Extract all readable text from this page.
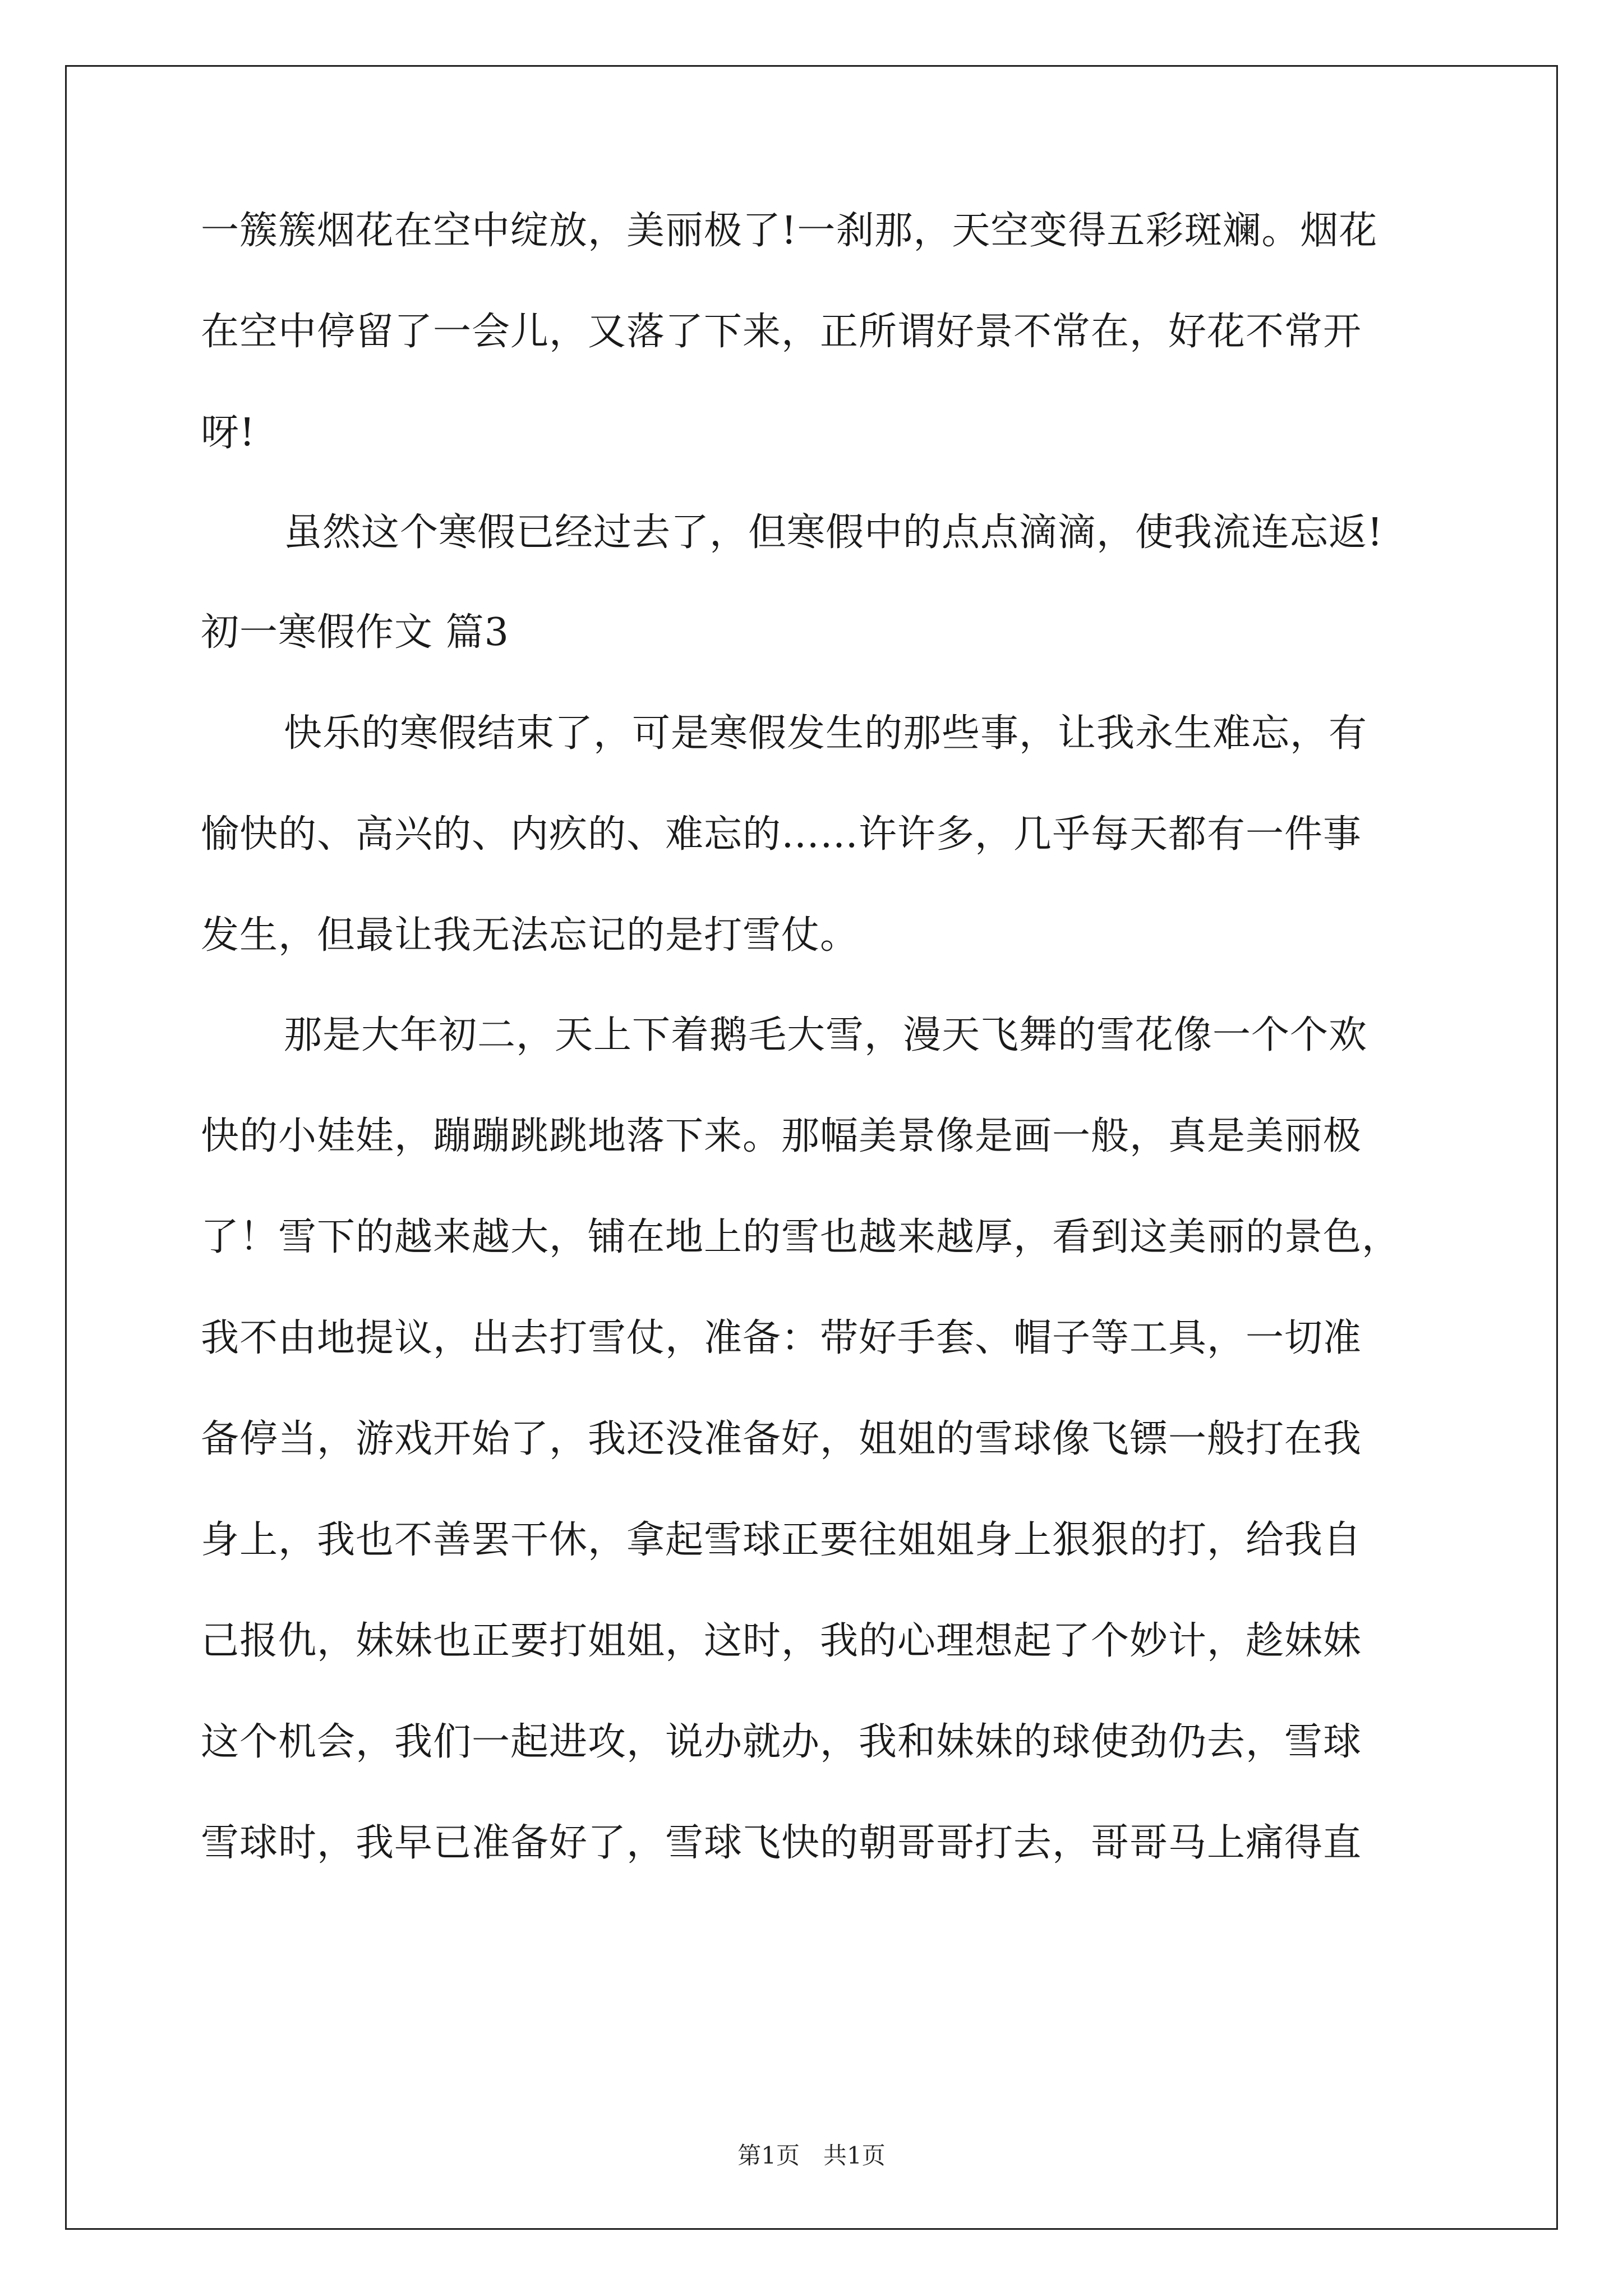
一簇簇烟花在空中绽放，美丽极了!一刹那，天空变得五彩斑斓。烟花
在空中停留了一会儿，又落了下来，正所谓好景不常在，好花不常开
呀!
虽然这个寒假已经过去了，但寒假中的点点滴滴，使我流连忘返!
初一寒假作文 篇3
快乐的寒假结束了，可是寒假发生的那些事，让我永生难忘，有
愉快的、高兴的、内疚的、难忘的……许许多，几乎每天都有一件事
发生，但最让我无法忘记的是打雪仗。
那是大年初二，天上下着鹅毛大雪，漫天飞舞的雪花像一个个欢
快的小娃娃，蹦蹦跳跳地落下来。那幅美景像是画一般，真是美丽极
了！雪下的越来越大，铺在地上的雪也越来越厚，看到这美丽的景色，
我不由地提议，出去打雪仗，准备：带好手套、帽子等工具，一切准
备停当，游戏开始了，我还没准备好，姐姐的雪球像飞镖一般打在我
身上，我也不善罢干休，拿起雪球正要往姐姐身上狠狠的打，给我自
己报仇，妹妹也正要打姐姐，这时，我的心理想起了个妙计，趁妹妹
这个机会，我们一起进攻，说办就办，我和妹妹的球使劲仍去，雪球
雪球时，我早已准备好了，雪球飞快的朝哥哥打去，哥哥马上痛得直
第1页　共1页
